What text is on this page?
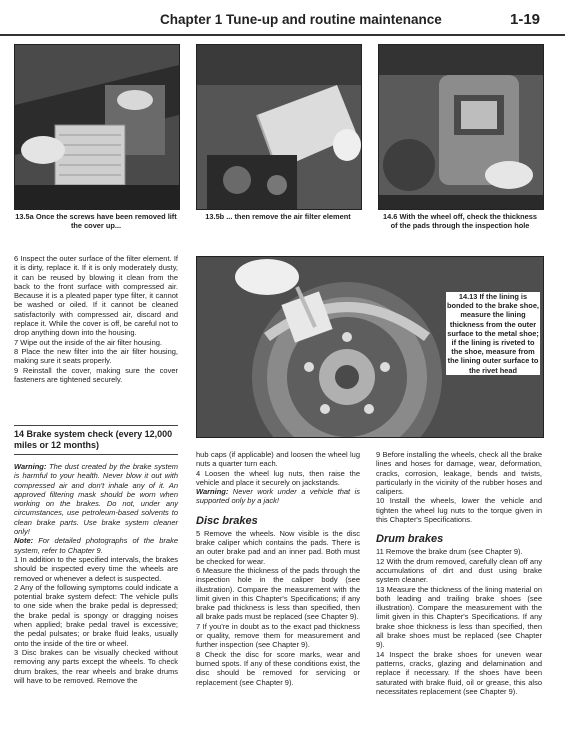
Chapter 1 Tune-up and routine maintenance	1-19
13.5a Once the screws have been removed lift the cover up...
13.5b ... then remove the air filter element	14.6 With the wheel off, check the thickness of the pads through the inspection hole

6 Inspect the outer surface of the filter element. If it is dirty, replace it. If it is only moderately dusty, it can be reused by blowing it clean from the back to the front surface with compressed air. Because it is a pleated paper type filter, it cannot be washed or oiled. If it cannot be cleaned satisfactorily with compressed air, discard and replace it. While the cover is off, be careful not to drop anything down into the housing.

7 Wipe out the inside of the air filter housing.

8 Place the new filter into the air filter housing, making sure it seats properly.

9 Reinstall the cover, making sure the cover fasteners are tightened securely.

14 Brake system check (every 12,000 miles or 12 months)

Warning: The dust created by the brake system is harmful to your health. Never blow it out with compressed air and don't inhale any of it. An approved filtering mask should be worn when working on the brakes. Do not, under any circumstances, use petroleum-based solvents to clean brake parts. Use brake system cleaner only!

Note: For detailed photographs of the brake system, refer to Chapter 9.

1 In addition to the specified intervals, the brakes should be inspected every time the wheels are removed or whenever a defect is suspected.

2 Any of the following symptoms could indicate a potential brake system defect: The vehicle pulls to one side when the brake pedal is depressed; the brake pedal is spongy or dragging noises when applied; brake pedal travel is excessive; the pedal pulsates; or brake fluid leaks, usually onto the inside of the tire or wheel.

3 Disc brakes can be visually checked without removing any parts except the wheels. To check drum brakes, the rear wheels and brake drums will have to be removed. Remove the

14.13 If the lining is bonded to the brake shoe, measure the lining thickness from the outer surface to the metal shoe; if the lining is riveted to the shoe, measure from the lining outer surface to the rivet head

hub caps (if applicable) and loosen the wheel lug nuts a quarter turn each.

4 Loosen the wheel lug nuts, then raise the vehicle and place it securely on jackstands.

Warning: Never work under a vehicle that is supported only by a jack!

Disc brakes

5 Remove the wheels. Now visible is the disc brake caliper which contains the pads. There is an outer brake pad and an inner pad. Both must be checked for wear.

6 Measure the thickness of the pads through the inspection hole in the caliper body (see illustration). Compare the measurement with the limit given in this Chapter's Specifications; if any brake pad thickness is less than specified, then all brake pads must be replaced (see Chapter 9).

7 If you're in doubt as to the exact pad thickness or quality, remove them for measurement and further inspection (see Chapter 9).

8 Check the disc for score marks, wear and burned spots. If any of these conditions exist, the disc should be removed for servicing or replacement (see Chapter 9).

9 Before installing the wheels, check all the brake lines and hoses for damage, wear, deformation, cracks, corrosion, leakage, bends and twists, particularly in the vicinity of the rubber hoses and calipers.

10 Install the wheels, lower the vehicle and tighten the wheel lug nuts to the torque given in this Chapter's Specifications.

Drum brakes

11 Remove the brake drum (see Chapter 9).

12 With the drum removed, carefully clean off any accumulations of dirt and dust using brake system cleaner.

13 Measure the thickness of the lining material on both leading and trailing brake shoes (see illustration). Compare the measurement with the limit given in this Chapter's Specifications. If any brake shoe thickness is less than specified, then all brake shoes must be replaced (see Chapter 9).

14 Inspect the brake shoes for uneven wear patterns, cracks, glazing and delamination and replace if necessary. If the shoes have been saturated with brake fluid, oil or grease, this also necessitates replacement (see Chapter 9).
